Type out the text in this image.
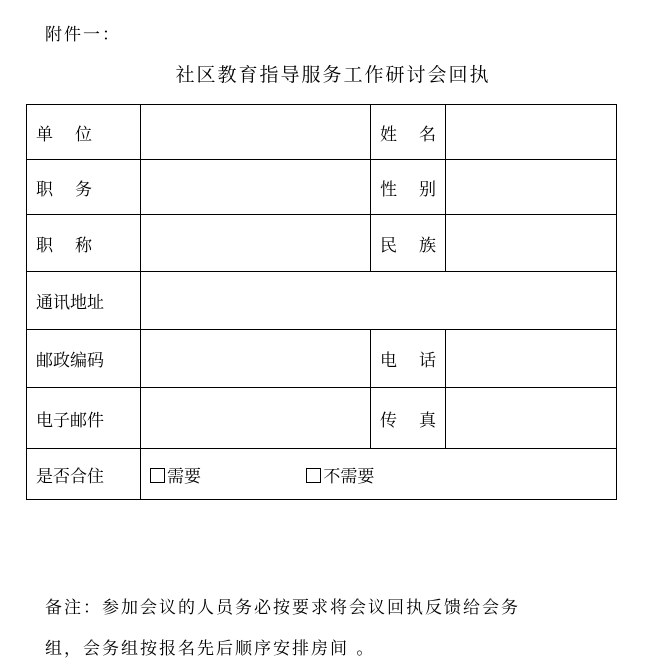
附件一：
社区教育指导服务工作研讨会回执
单 位		姓 名	
职 务		性 别	
职 称		民 族	
通讯地址			
邮政编码		电 话	
电子邮件		传 真	
是否合住	需要 不需要		
备注：参加会议的人员务必按要求将会议回执反馈给会务
组，会务组按报名先后顺序安排房间 。
